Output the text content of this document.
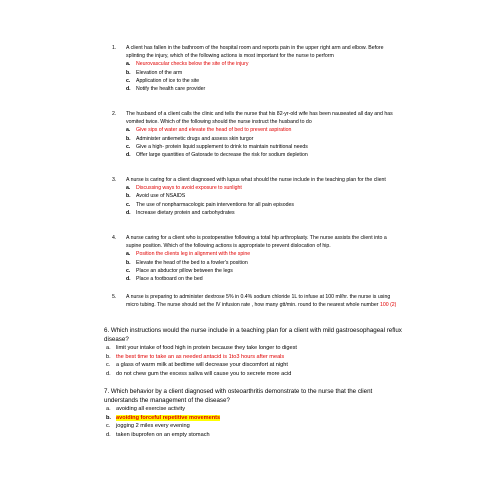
1.	A client has fallen in the bathroom of the hospital room and reports pain in the upper right arm and elbow. Before splinting the injury, which of the following actions is most important for the nurse to perform
a. Neurovascular checks below the site of the injury
b. Elevation of the arm
c. Application of ice to the site
d. Notify the health care provider
2.	The husband of a client calls the clinic and tells the nurse that his 82-yr-old wife has been nauseated all day and has vomited twice. Which of the following should the nurse instruct the husband to do
a. Give sips of water and elevate the head of bed to prevent aspiration
b. Administer antiemetic drugs and assess skin turgor
c. Give a high- protein liquid supplement to drink to maintain nutritional needs
d. Offer large quantities of Gatorade to decrease the risk for sodium depletion
3.	A nurse is caring for a client diagnosed with lupus what should the nurse include in the teaching plan for the client
a. Discussing ways to avoid exposure to sunlight
b. Avoid use of NSAIDS
c. The use of nonpharmacologic pain interventions for all pain episodes
d. Increase dietary protein and carbohydrates
4.	A nurse caring for a client who is postoperative following a total hip arthroplasty. The nurse assists the client into a supine position. Which of the following actions is appropriate to prevent dislocation of hip.
a. Position the clients leg in alignment with the spine
b. Elevate the head of the bed to a fowler's position
c. Place an abductor pillow between the legs
d. Place a footboard on the bed
5.	A nurse is preparing to administer dextrose 5% in 0.4% sodium chloride 1L to infuse at 100 ml/hr. the nurse is using micro tubing. The nurse should set the IV infusion rate , how many gtt/min. round to the nearest whole number 100 (2)
6. Which instructions would the nurse include in a teaching plan for a client with mild gastroesophageal reflux disease?
a. limit your intake of food high in protein because they take longer to digest
b. the best time to take an as needed antacid is 1to3 hours after meals
c. a glass of warm milk at bedtime will decrease your discomfort at night
d. do not chew gum the excess saliva will cause you to secrete more acid
7. Which behavior by a client diagnosed with osteoarthritis demonstrate to the nurse that the client understands the management of the disease?
a. avoiding all exercise activity
b. avoiding forceful repetitive movements
c. jogging 2 miles every evening
d. taken ibuprofen on an empty stomach
